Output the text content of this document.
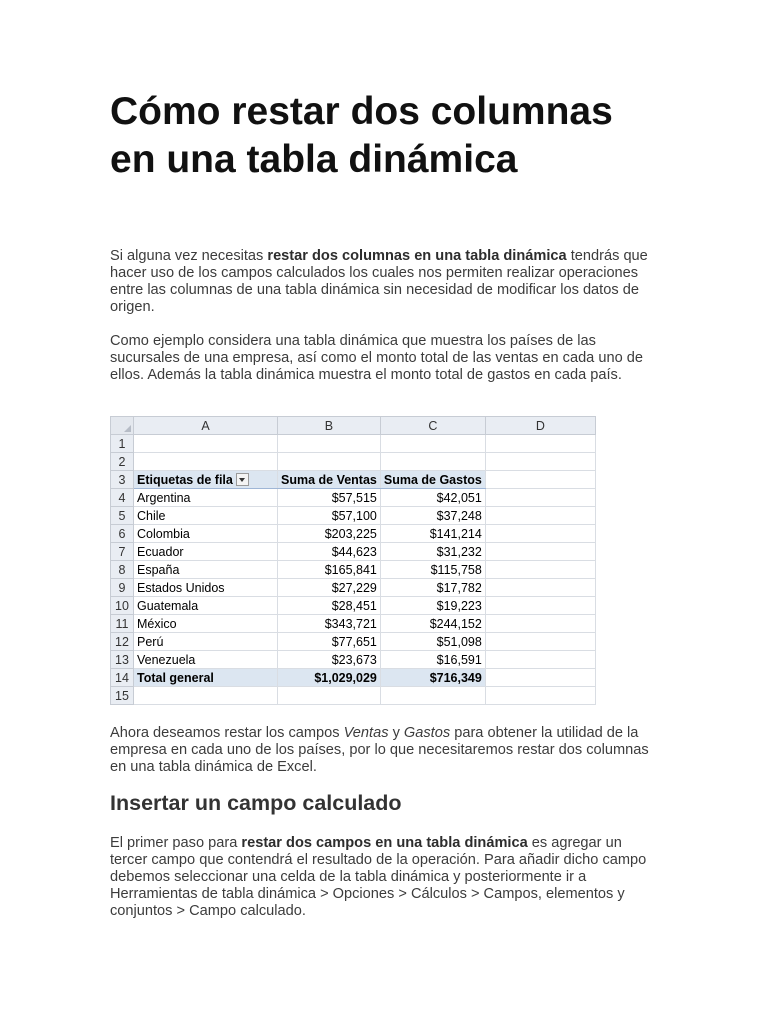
Cómo restar dos columnas en una tabla dinámica

Si alguna vez necesitas restar dos columnas en una tabla dinámica tendrás que hacer uso de los campos calculados los cuales nos permiten realizar operaciones entre las columnas de una tabla dinámica sin necesidad de modificar los datos de origen.

Como ejemplo considera una tabla dinámica que muestra los países de las sucursales de una empresa, así como el monto total de las ventas en cada uno de ellos. Además la tabla dinámica muestra el monto total de gastos en cada país.

Ahora deseamos restar los campos Ventas y Gastos para obtener la utilidad de la empresa en cada uno de los países, por lo que necesitaremos restar dos columnas en una tabla dinámica de Excel.

Insertar un campo calculado

El primer paso para restar dos campos en una tabla dinámica es agregar un tercer campo que contendrá el resultado de la operación. Para añadir dicho campo debemos seleccionar una celda de la tabla dinámica y posteriormente ir a Herramientas de tabla dinámica > Opciones > Cálculos > Campos, elementos y conjuntos > Campo calculado.

	A	B	C	D
1				
2				
3	Etiquetas de fila	Suma de Ventas	Suma de Gastos	
4	Argentina	$57,515	$42,051	
5	Chile	$57,100	$37,248	
6	Colombia	$203,225	$141,214	
7	Ecuador	$44,623	$31,232	
8	España	$165,841	$115,758	
9	Estados Unidos	$27,229	$17,782	
10	Guatemala	$28,451	$19,223	
11	México	$343,721	$244,152	
12	Perú	$77,651	$51,098	
13	Venezuela	$23,673	$16,591	
14	Total general	$1,029,029	$716,349	
15				
